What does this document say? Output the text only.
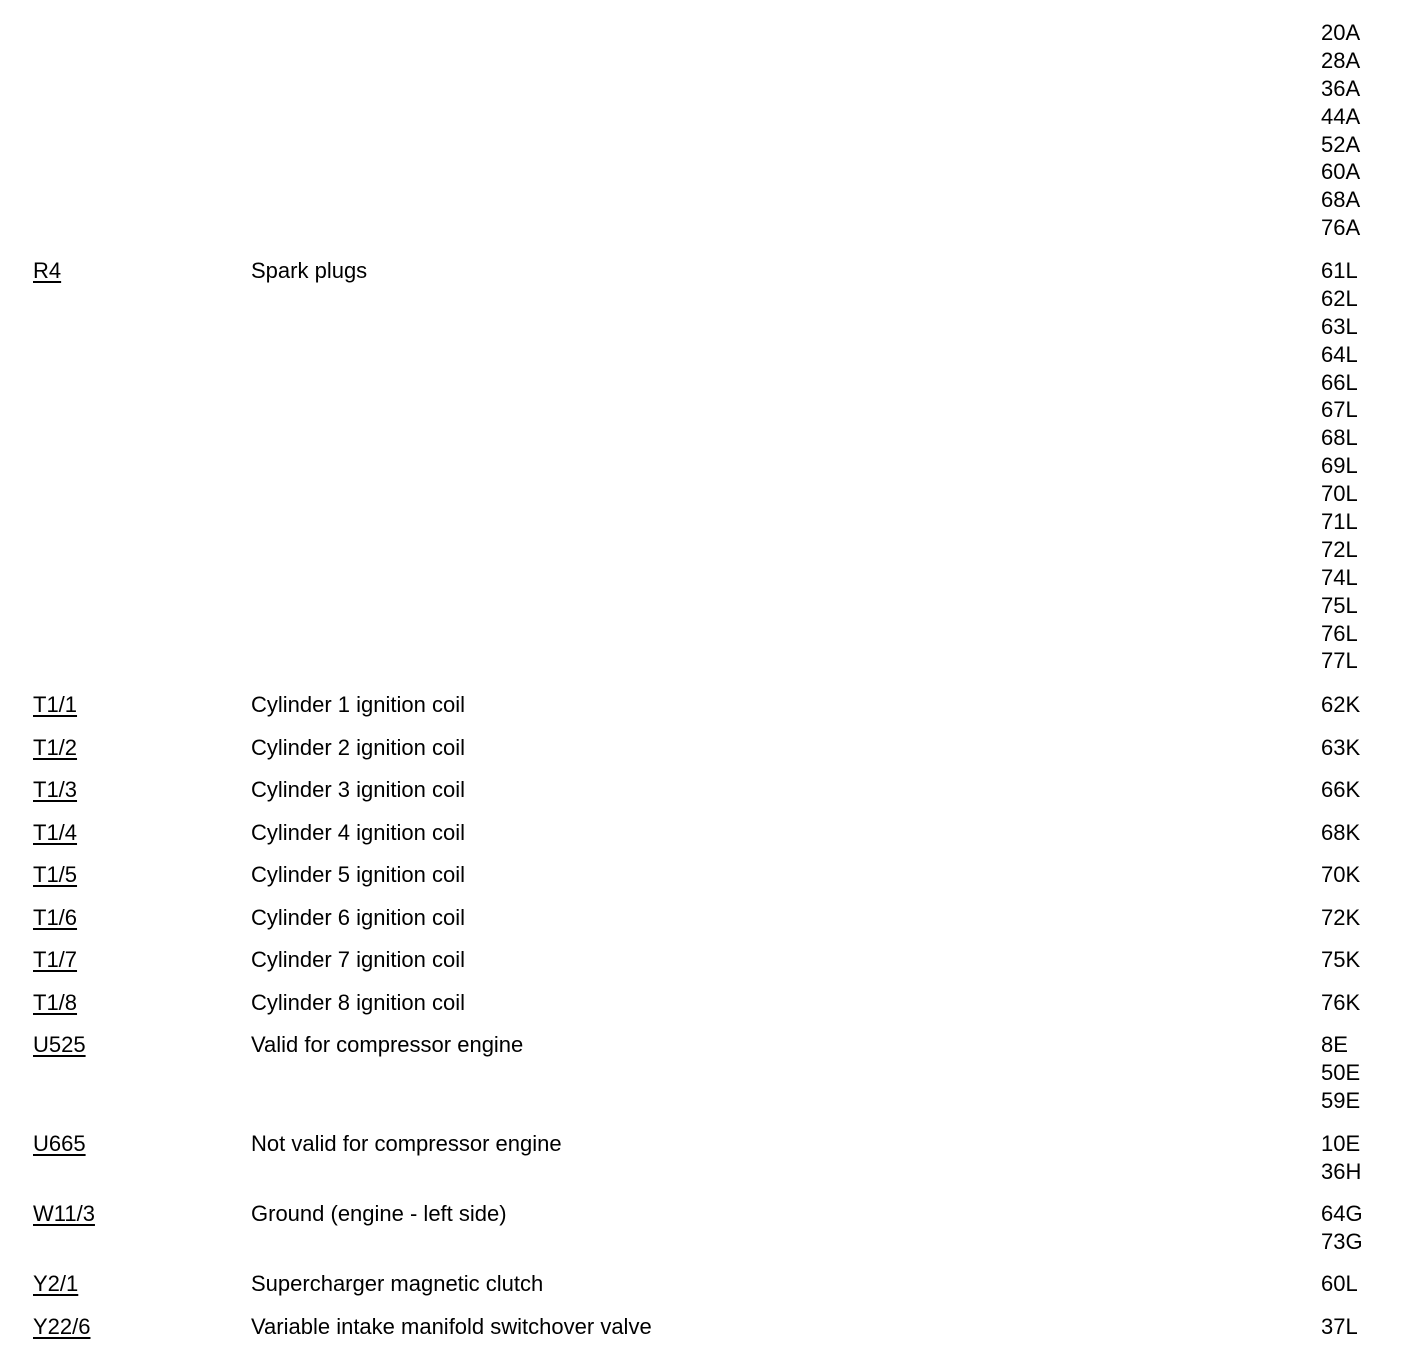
20A
28A
36A
44A
52A
60A
68A
76A
R4	Spark plugs	61L
62L
63L
64L
66L
67L
68L
69L
70L
71L
72L
74L
75L
76L
77L
T1/1	Cylinder 1 ignition coil	62K
T1/2	Cylinder 2 ignition coil	63K
T1/3	Cylinder 3 ignition coil	66K
T1/4	Cylinder 4 ignition coil	68K
T1/5	Cylinder 5 ignition coil	70K
T1/6	Cylinder 6 ignition coil	72K
T1/7	Cylinder 7 ignition coil	75K
T1/8	Cylinder 8 ignition coil	76K
U525	Valid for compressor engine	8E
50E
59E
U665	Not valid for compressor engine	10E
36H
W11/3	Ground (engine - left side)	64G
73G
Y2/1	Supercharger magnetic clutch	60L
Y22/6	Variable intake manifold switchover valve	37L
